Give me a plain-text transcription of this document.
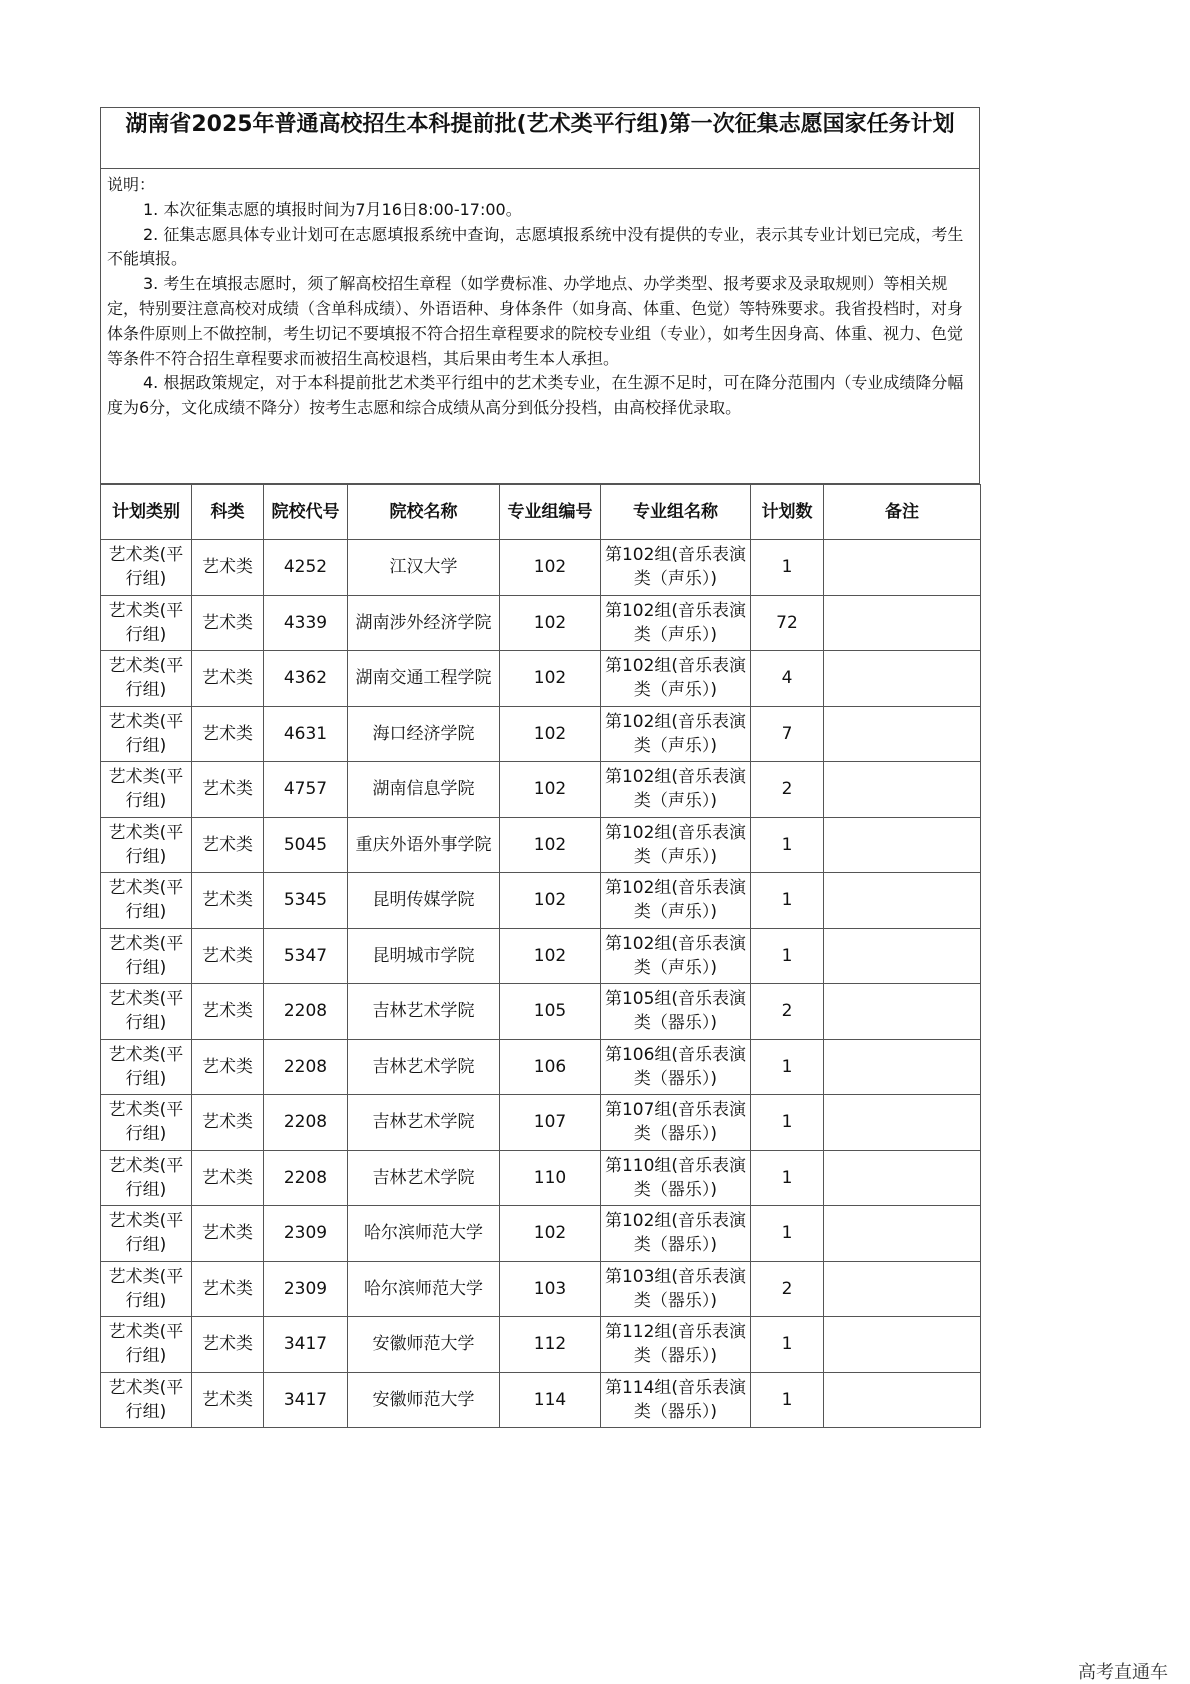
湖南省2025年普通高校招生本科提前批(艺术类平行组)第一次征集志愿国家任务计划

说明：

1. 本次征集志愿的填报时间为7月16日8:00-17:00。

2. 征集志愿具体专业计划可在志愿填报系统中查询，志愿填报系统中没有提供的专业，表示其专业计划已完成，考生不能填报。

3. 考生在填报志愿时，须了解高校招生章程（如学费标准、办学地点、办学类型、报考要求及录取规则）等相关规定，特别要注意高校对成绩（含单科成绩）、外语语种、身体条件（如身高、体重、色觉）等特殊要求。我省投档时，对身体条件原则上不做控制，考生切记不要填报不符合招生章程要求的院校专业组（专业），如考生因身高、体重、视力、色觉等条件不符合招生章程要求而被招生高校退档，其后果由考生本人承担。

4. 根据政策规定，对于本科提前批艺术类平行组中的艺术类专业，在生源不足时，可在降分范围内（专业成绩降分幅度为6分，文化成绩不降分）按考生志愿和综合成绩从高分到低分投档，由高校择优录取。

计划类别	科类	院校代号	院校名称	专业组编号	专业组名称	计划数	备注
艺术类(平行组)	艺术类	4252	江汉大学	102	第102组(音乐表演类（声乐）)	1	
艺术类(平行组)	艺术类	4339	湖南涉外经济学院	102	第102组(音乐表演类（声乐）)	72	
艺术类(平行组)	艺术类	4362	湖南交通工程学院	102	第102组(音乐表演类（声乐）)	4	
艺术类(平行组)	艺术类	4631	海口经济学院	102	第102组(音乐表演类（声乐）)	7	
艺术类(平行组)	艺术类	4757	湖南信息学院	102	第102组(音乐表演类（声乐）)	2	
艺术类(平行组)	艺术类	5045	重庆外语外事学院	102	第102组(音乐表演类（声乐）)	1	
艺术类(平行组)	艺术类	5345	昆明传媒学院	102	第102组(音乐表演类（声乐）)	1	
艺术类(平行组)	艺术类	5347	昆明城市学院	102	第102组(音乐表演类（声乐）)	1	
艺术类(平行组)	艺术类	2208	吉林艺术学院	105	第105组(音乐表演类（器乐）)	2	
艺术类(平行组)	艺术类	2208	吉林艺术学院	106	第106组(音乐表演类（器乐）)	1	
艺术类(平行组)	艺术类	2208	吉林艺术学院	107	第107组(音乐表演类（器乐）)	1	
艺术类(平行组)	艺术类	2208	吉林艺术学院	110	第110组(音乐表演类（器乐）)	1	
艺术类(平行组)	艺术类	2309	哈尔滨师范大学	102	第102组(音乐表演类（器乐）)	1	
艺术类(平行组)	艺术类	2309	哈尔滨师范大学	103	第103组(音乐表演类（器乐）)	2	
艺术类(平行组)	艺术类	3417	安徽师范大学	112	第112组(音乐表演类（器乐）)	1	
艺术类(平行组)	艺术类	3417	安徽师范大学	114	第114组(音乐表演类（器乐）)	1	
高考直通车
